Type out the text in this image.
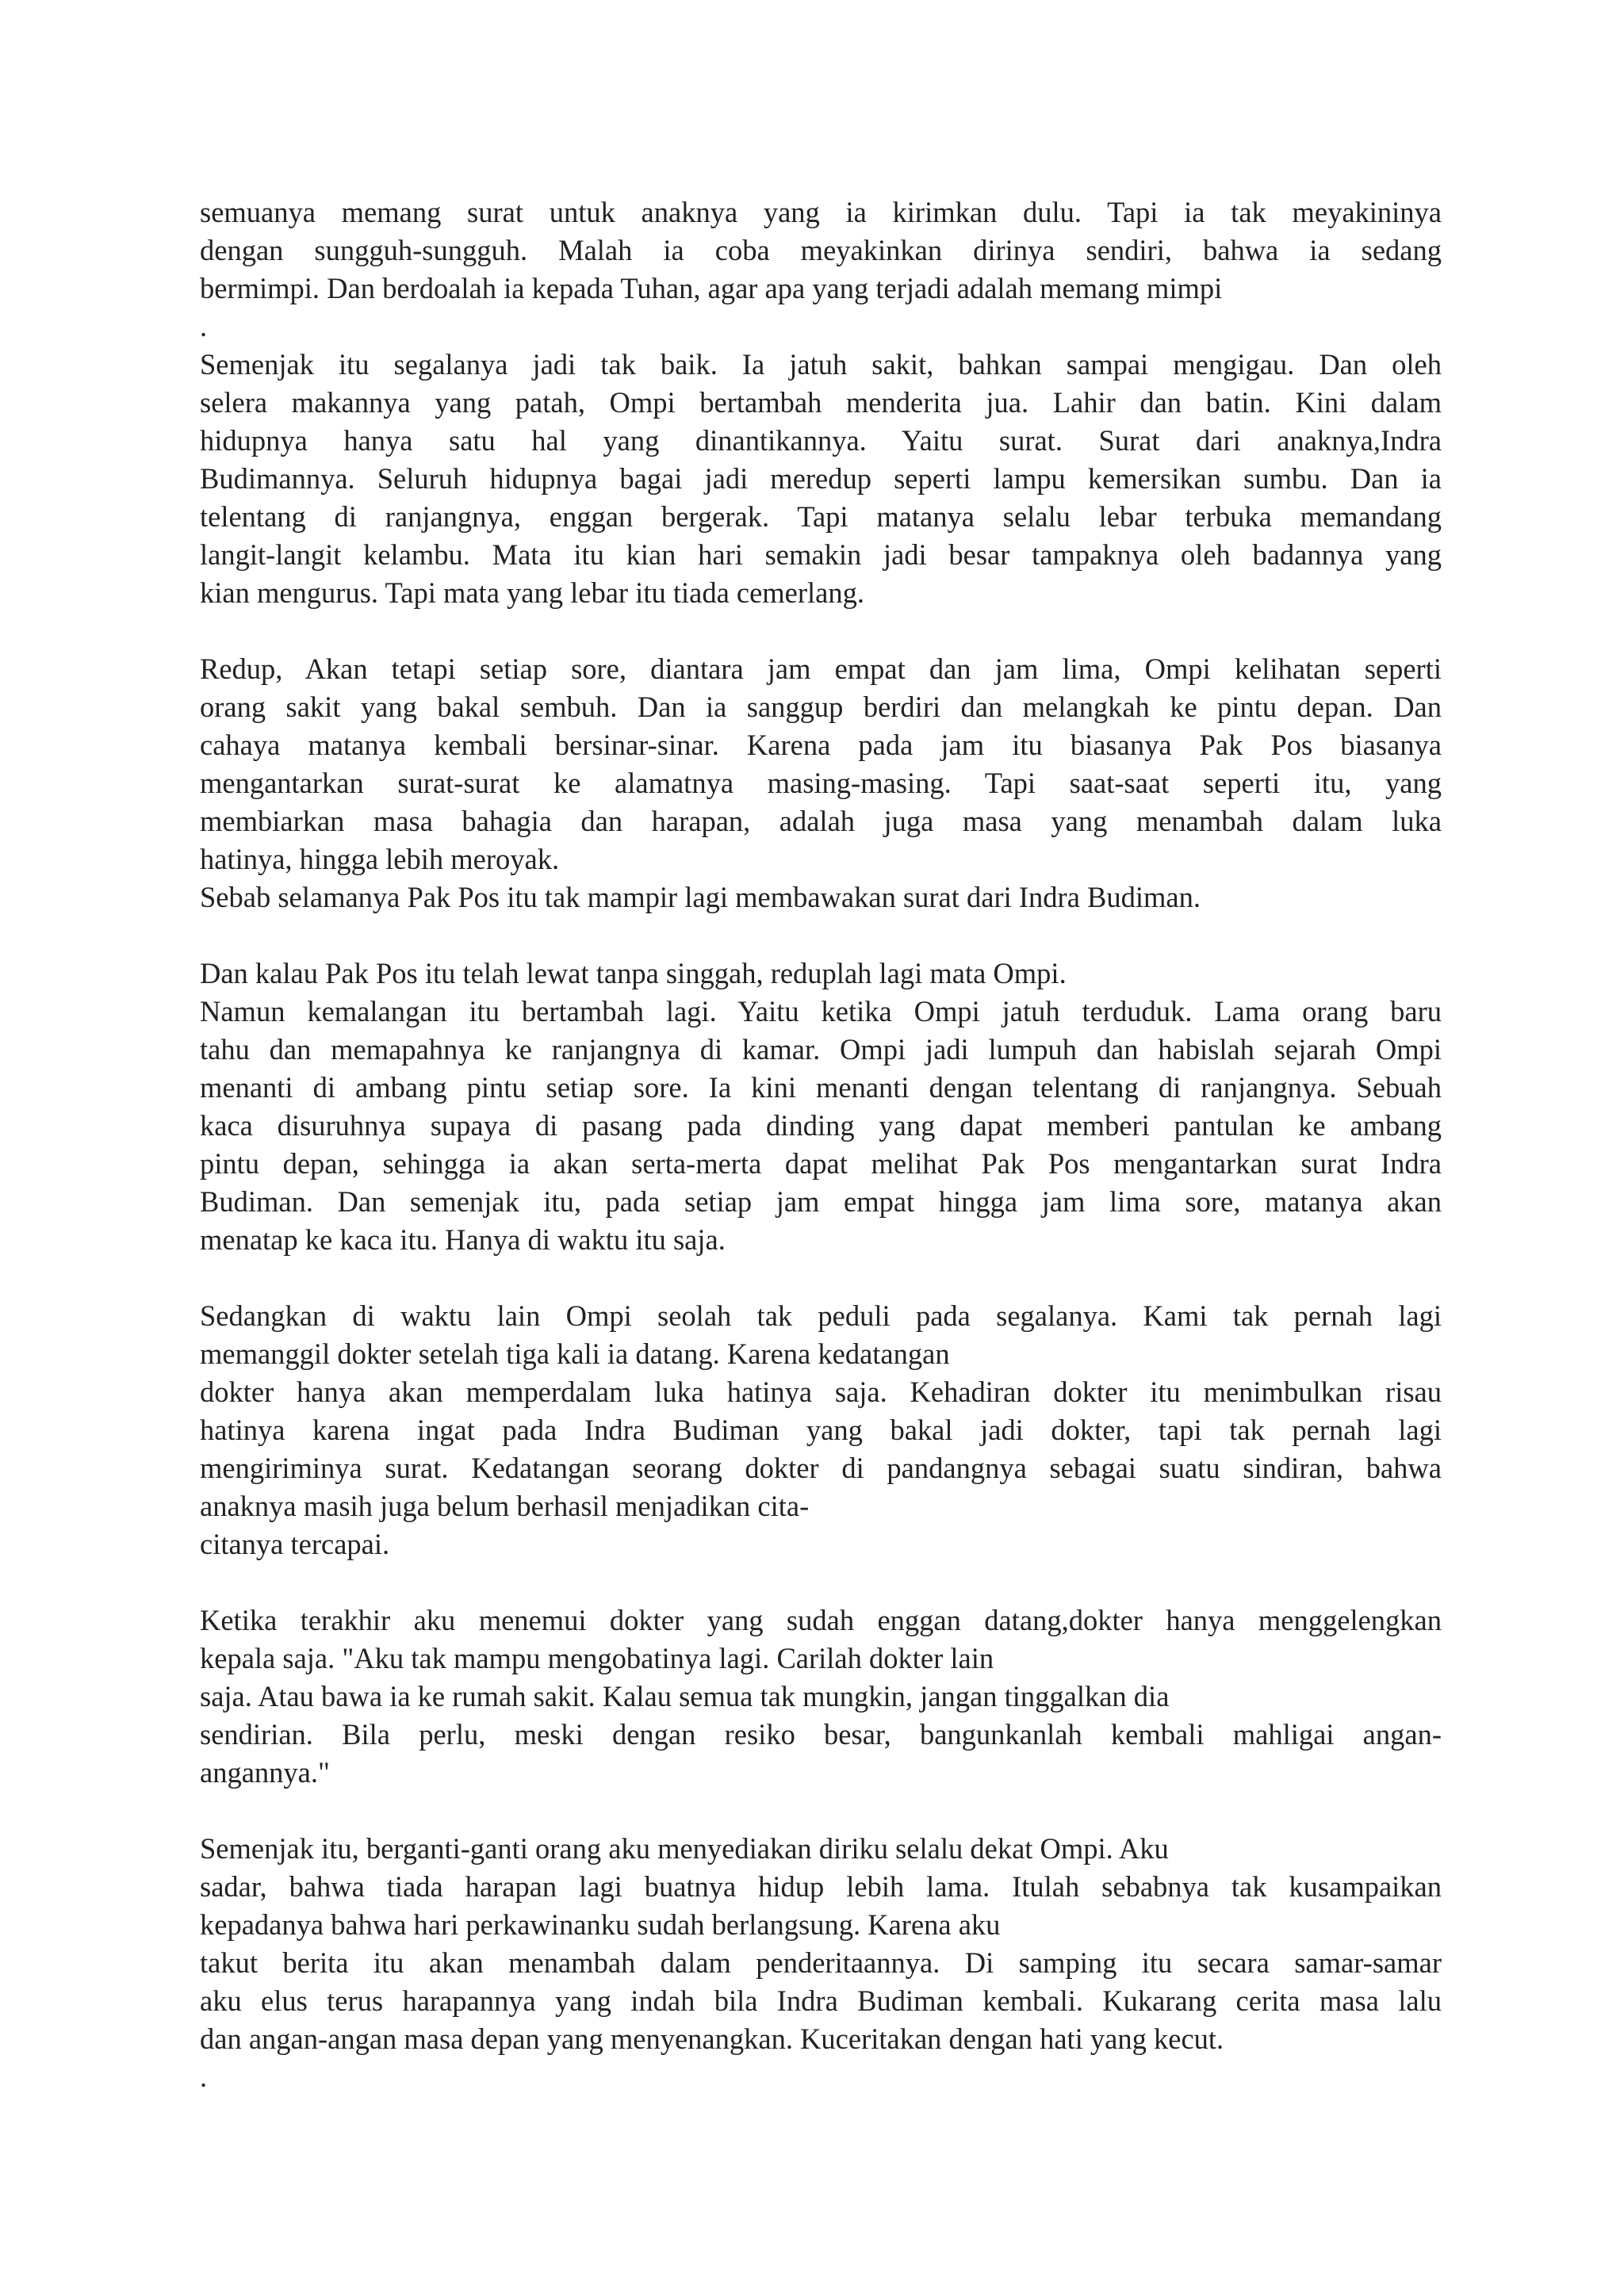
semuanya memang surat untuk anaknya yang ia kirimkan dulu. Tapi ia tak meyakininya
dengan sungguh-sungguh. Malah ia coba meyakinkan dirinya sendiri, bahwa ia sedang
bermimpi. Dan berdoalah ia kepada Tuhan, agar apa yang terjadi adalah memang mimpi
.
Semenjak itu segalanya jadi tak baik. Ia jatuh sakit, bahkan sampai mengigau. Dan oleh
selera makannya yang patah, Ompi bertambah menderita jua. Lahir dan batin. Kini dalam
hidupnya hanya satu hal yang dinantikannya. Yaitu surat. Surat dari anaknya,Indra
Budimannya. Seluruh hidupnya bagai jadi meredup seperti lampu kemersikan sumbu. Dan ia
telentang di ranjangnya, enggan bergerak. Tapi matanya selalu lebar terbuka memandang
langit-langit kelambu. Mata itu kian hari semakin jadi besar tampaknya oleh badannya yang
kian mengurus. Tapi mata yang lebar itu tiada cemerlang.
Redup, Akan tetapi setiap sore, diantara jam empat dan jam lima, Ompi kelihatan seperti
orang sakit yang bakal sembuh. Dan ia sanggup berdiri dan melangkah ke pintu depan. Dan
cahaya matanya kembali bersinar-sinar. Karena pada jam itu biasanya Pak Pos biasanya
mengantarkan surat-surat ke alamatnya masing-masing. Tapi saat-saat seperti itu, yang
membiarkan masa bahagia dan harapan, adalah juga masa yang menambah dalam luka
hatinya, hingga lebih meroyak.
Sebab selamanya Pak Pos itu tak mampir lagi membawakan surat dari Indra Budiman.
Dan kalau Pak Pos itu telah lewat tanpa singgah, reduplah lagi mata Ompi.
Namun kemalangan itu bertambah lagi. Yaitu ketika Ompi jatuh terduduk. Lama orang baru
tahu dan memapahnya ke ranjangnya di kamar. Ompi jadi lumpuh dan habislah sejarah Ompi
menanti di ambang pintu setiap sore. Ia kini menanti dengan telentang di ranjangnya. Sebuah
kaca disuruhnya supaya di pasang pada dinding yang dapat memberi pantulan ke ambang
pintu depan, sehingga ia akan serta-merta dapat melihat Pak Pos mengantarkan surat Indra
Budiman. Dan semenjak itu, pada setiap jam empat hingga jam lima sore, matanya akan
menatap ke kaca itu. Hanya di waktu itu saja.
Sedangkan di waktu lain Ompi seolah tak peduli pada segalanya. Kami tak pernah lagi
memanggil dokter setelah tiga kali ia datang. Karena kedatangan
dokter hanya akan memperdalam luka hatinya saja. Kehadiran dokter itu menimbulkan risau
hatinya karena ingat pada Indra Budiman yang bakal jadi dokter, tapi tak pernah lagi
mengiriminya surat. Kedatangan seorang dokter di pandangnya sebagai suatu sindiran, bahwa
anaknya masih juga belum berhasil menjadikan cita-
citanya tercapai.
Ketika terakhir aku menemui dokter yang sudah enggan datang,dokter hanya menggelengkan
kepala saja. "Aku tak mampu mengobatinya lagi. Carilah dokter lain
saja. Atau bawa ia ke rumah sakit. Kalau semua tak mungkin, jangan tinggalkan dia
sendirian. Bila perlu, meski dengan resiko besar, bangunkanlah kembali mahligai angan-
angannya."
Semenjak itu, berganti-ganti orang aku menyediakan diriku selalu dekat Ompi. Aku
sadar, bahwa tiada harapan lagi buatnya hidup lebih lama. Itulah sebabnya tak kusampaikan
kepadanya bahwa hari perkawinanku sudah berlangsung. Karena aku
takut berita itu akan menambah dalam penderitaannya. Di samping itu secara samar-samar
aku elus terus harapannya yang indah bila Indra Budiman kembali. Kukarang cerita masa lalu
dan angan-angan masa depan yang menyenangkan. Kuceritakan dengan hati yang kecut.
.
